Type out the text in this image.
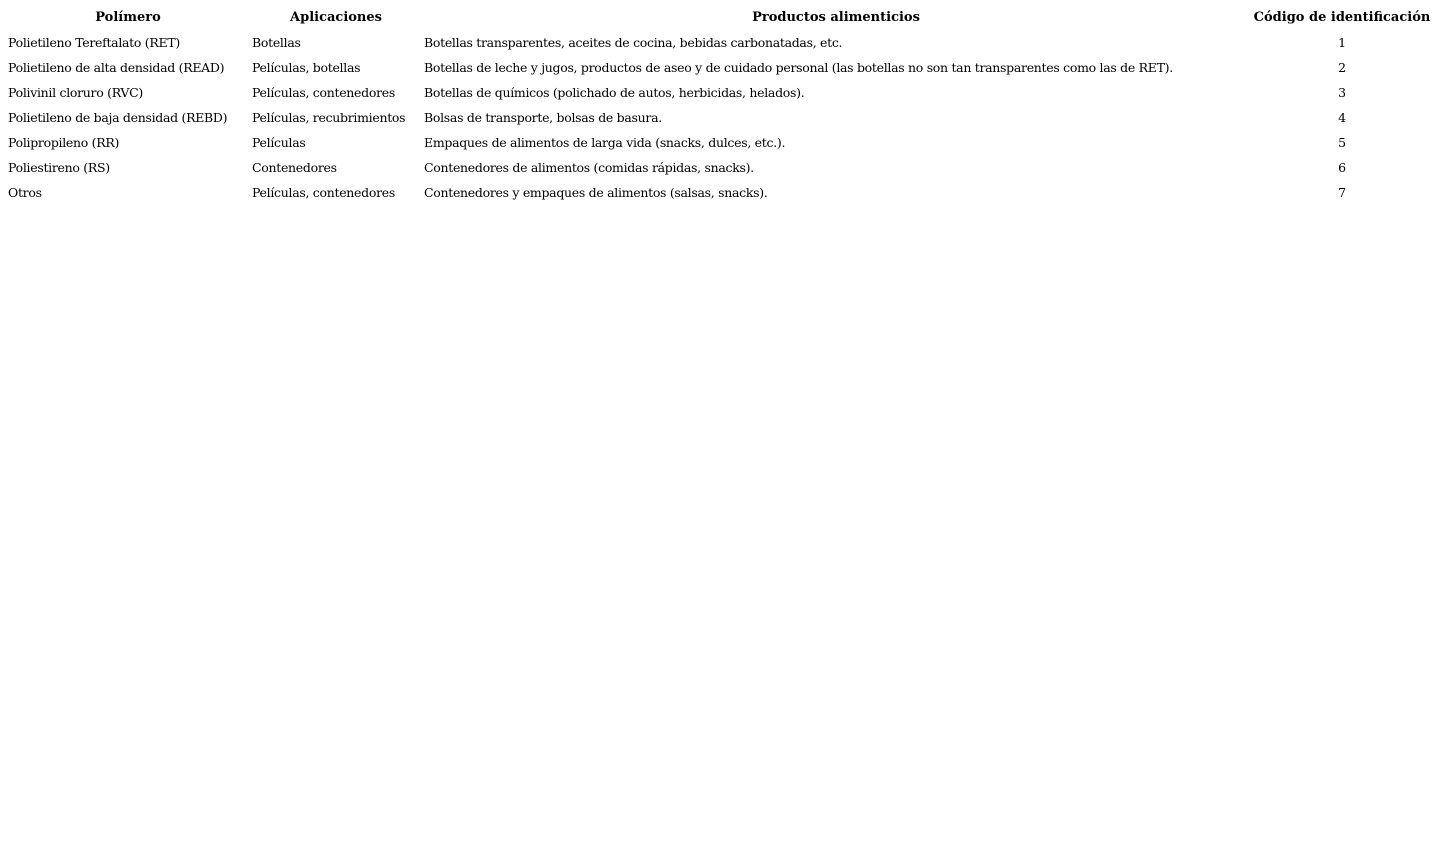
Polímero	Aplicaciones	Productos alimenticios	Código de identificación
Polietileno Tereftalato (RET)	Botellas	Botellas transparentes, aceites de cocina, bebidas carbonatadas, etc.	1
Polietileno de alta densidad (READ)	Películas, botellas	Botellas de leche y jugos, productos de aseo y de cuidado personal (las botellas no son tan transparentes como las de RET).	2
Polivinil cloruro (RVC)	Películas, contenedores	Botellas de químicos (polichado de autos, herbicidas, helados).	3
Polietileno de baja densidad (REBD)	Películas, recubrimientos	Bolsas de transporte, bolsas de basura.	4
Polipropileno (RR)	Películas	Empaques de alimentos de larga vida (snacks, dulces, etc.).	5
Poliestireno (RS)	Contenedores	Contenedores de alimentos (comidas rápidas, snacks).	6
Otros	Películas, contenedores	Contenedores y empaques de alimentos (salsas, snacks).	7
